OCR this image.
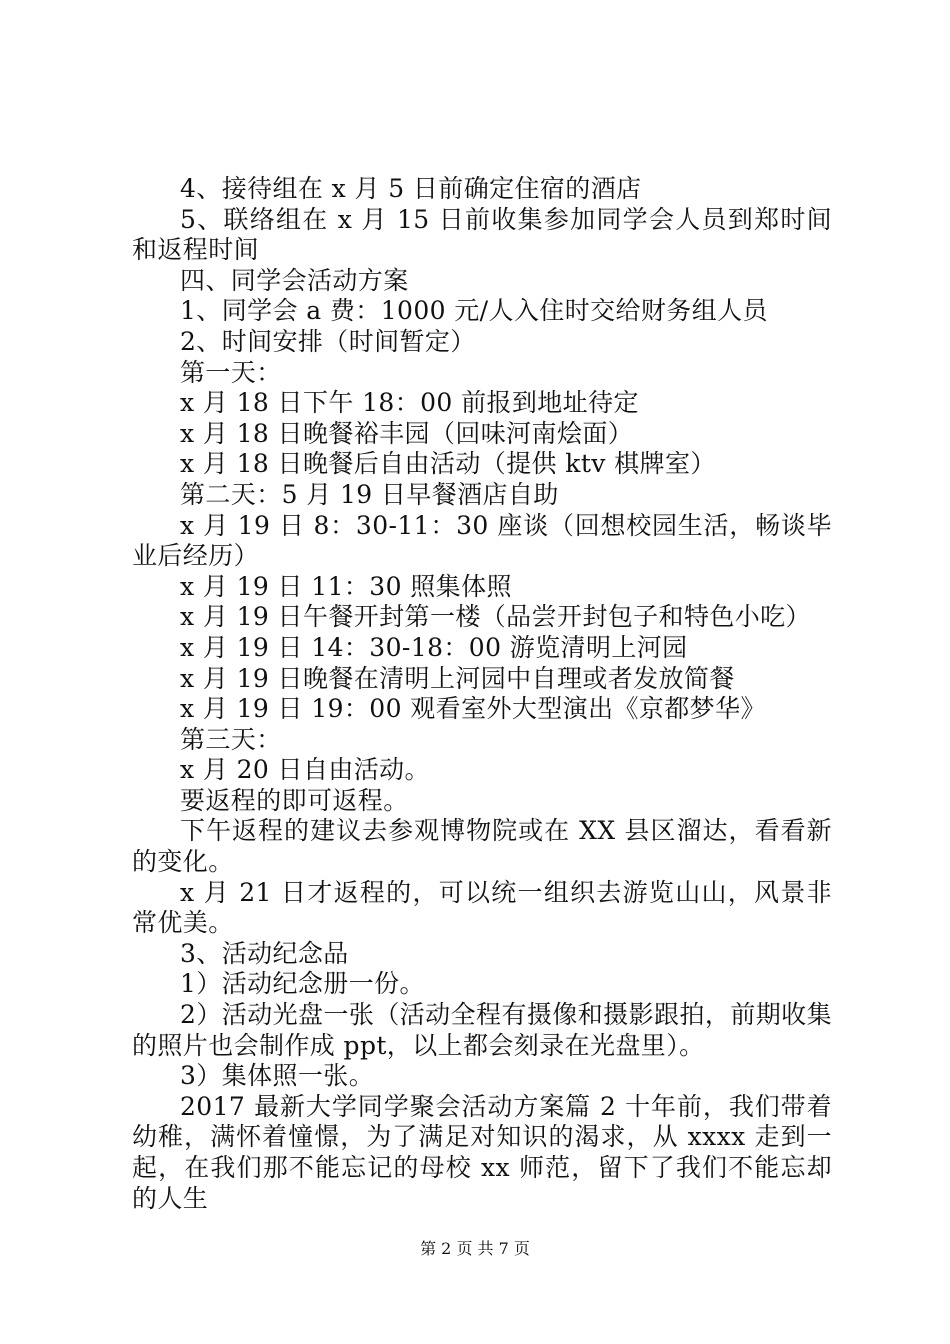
4、接待组在 x 月 5 日前确定住宿的酒店

5、联络组在 x 月 15 日前收集参加同学会人员到郑时间和返程时间

四、同学会活动方案

1、同学会 a 费：1000 元/人入住时交给财务组人员

2、时间安排（时间暂定）

第一天：

x 月 18 日下午 18：00 前报到地址待定

x 月 18 日晚餐裕丰园（回味河南烩面）

x 月 18 日晚餐后自由活动（提供 ktv 棋牌室）

第二天：5 月 19 日早餐酒店自助

x 月 19 日 8：30-11：30 座谈（回想校园生活，畅谈毕业后经历）

x 月 19 日 11：30 照集体照

x 月 19 日午餐开封第一楼（品尝开封包子和特色小吃）

x 月 19 日 14：30-18：00 游览清明上河园

x 月 19 日晚餐在清明上河园中自理或者发放简餐

x 月 19 日 19：00 观看室外大型演出《京都梦华》

第三天：

x 月 20 日自由活动。

要返程的即可返程。

下午返程的建议去参观博物院或在 XX 县区溜达，看看新的变化。

x 月 21 日才返程的，可以统一组织去游览山山，风景非常优美。

3、活动纪念品

1）活动纪念册一份。

2）活动光盘一张（活动全程有摄像和摄影跟拍，前期收集的照片也会制作成 ppt，以上都会刻录在光盘里）。

3）集体照一张。

2017 最新大学同学聚会活动方案篇 2 十年前，我们带着幼稚，满怀着憧憬，为了满足对知识的渴求，从 xxxx 走到一起，在我们那不能忘记的母校 xx 师范，留下了我们不能忘却的人生

第 2 页 共 7 页
